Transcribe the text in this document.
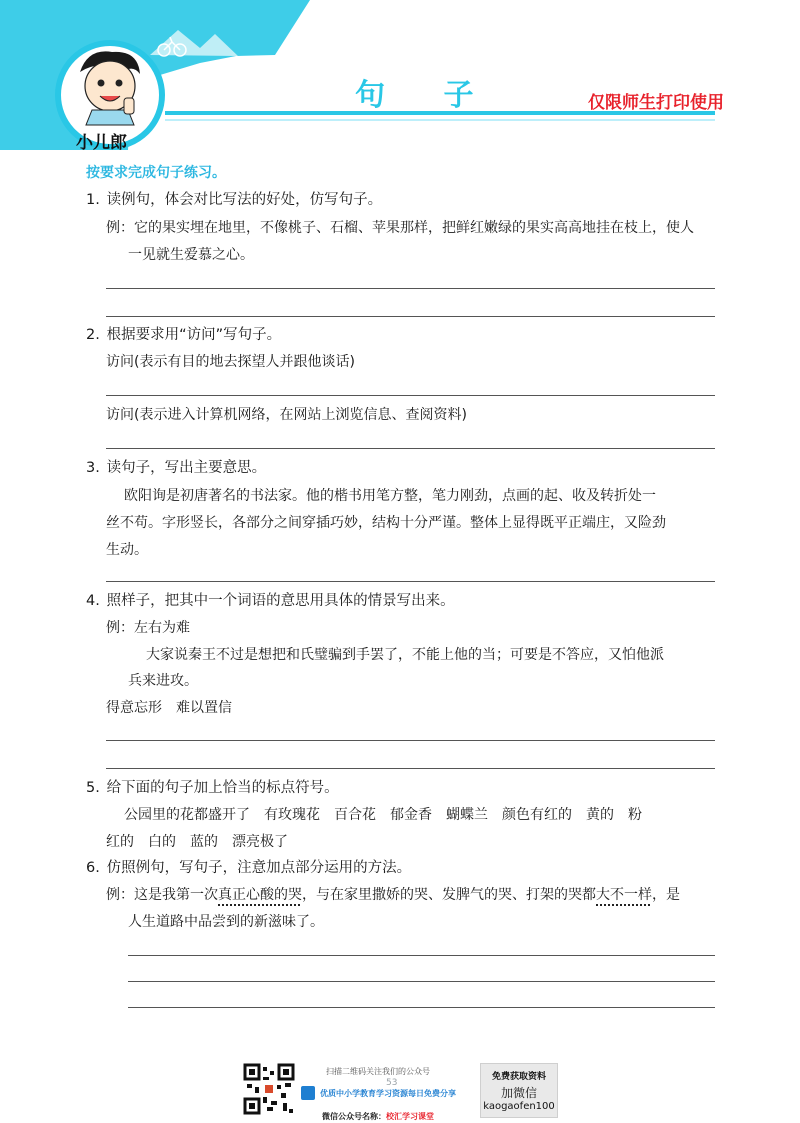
句 子	仅限师生打印使用
小儿郎
按要求完成句子练习。
1. 读例句，体会对比写法的好处，仿写句子。
例：它的果实埋在地里，不像桃子、石榴、苹果那样，把鲜红嫩绿的果实高高地挂在枝上，使人
一见就生爱慕之心。
2. 根据要求用“访问”写句子。
访问(表示有目的地去探望人并跟他谈话)
访问(表示进入计算机网络，在网站上浏览信息、查阅资料)
3. 读句子，写出主要意思。
欧阳询是初唐著名的书法家。他的楷书用笔方整，笔力刚劲，点画的起、收及转折处一
丝不苟。字形竖长，各部分之间穿插巧妙，结构十分严谨。整体上显得既平正端庄，又险劲
生动。
4. 照样子，把其中一个词语的意思用具体的情景写出来。
例：左右为难
大家说秦王不过是想把和氏璧骗到手罢了，不能上他的当；可要是不答应，又怕他派
兵来进攻。
得意忘形　难以置信
5. 给下面的句子加上恰当的标点符号。
公园里的花都盛开了　有玫瑰花　百合花　郁金香　蝴蝶兰　颜色有红的　黄的　粉
红的　白的　蓝的　漂亮极了
6. 仿照例句，写句子，注意加点部分运用的方法。
例：这是我第一次真正心酸的哭，与在家里撒娇的哭、发脾气的哭、打架的哭都大不一样，是
人生道路中品尝到的新滋味了。
扫描二维码关注我们的公众号
53
优质中小学教育学习资源每日免费分享
微信公众号名称：校汇学习课堂
免费获取资料
加微信
kaogaofen100
